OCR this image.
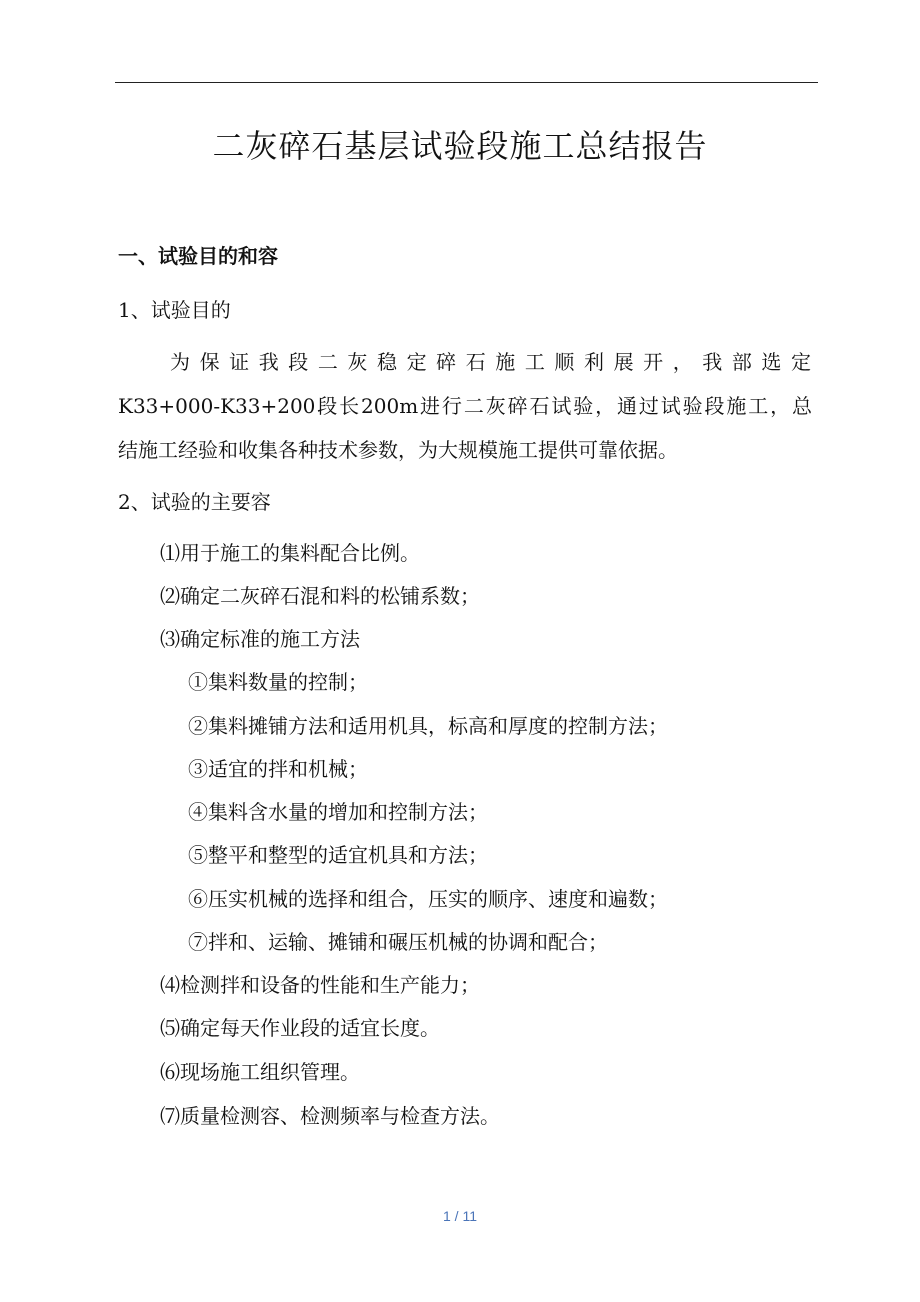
二灰碎石基层试验段施工总结报告
一、试验目的和容
1、试验目的
为保证我段二灰稳定碎石施工顺利展开，我部选定
K33+000-K33+200段长200m进行二灰碎石试验，通过试验段施工，总
结施工经验和收集各种技术参数，为大规模施工提供可靠依据。
2、试验的主要容
⑴用于施工的集料配合比例。
⑵确定二灰碎石混和料的松铺系数；
⑶确定标准的施工方法
①集料数量的控制；
②集料摊铺方法和适用机具，标高和厚度的控制方法；
③适宜的拌和机械；
④集料含水量的增加和控制方法；
⑤整平和整型的适宜机具和方法；
⑥压实机械的选择和组合，压实的顺序、速度和遍数；
⑦拌和、运输、摊铺和碾压机械的协调和配合；
⑷检测拌和设备的性能和生产能力；
⑸确定每天作业段的适宜长度。
⑹现场施工组织管理。
⑺质量检测容、检测频率与检查方法。
1 / 11
